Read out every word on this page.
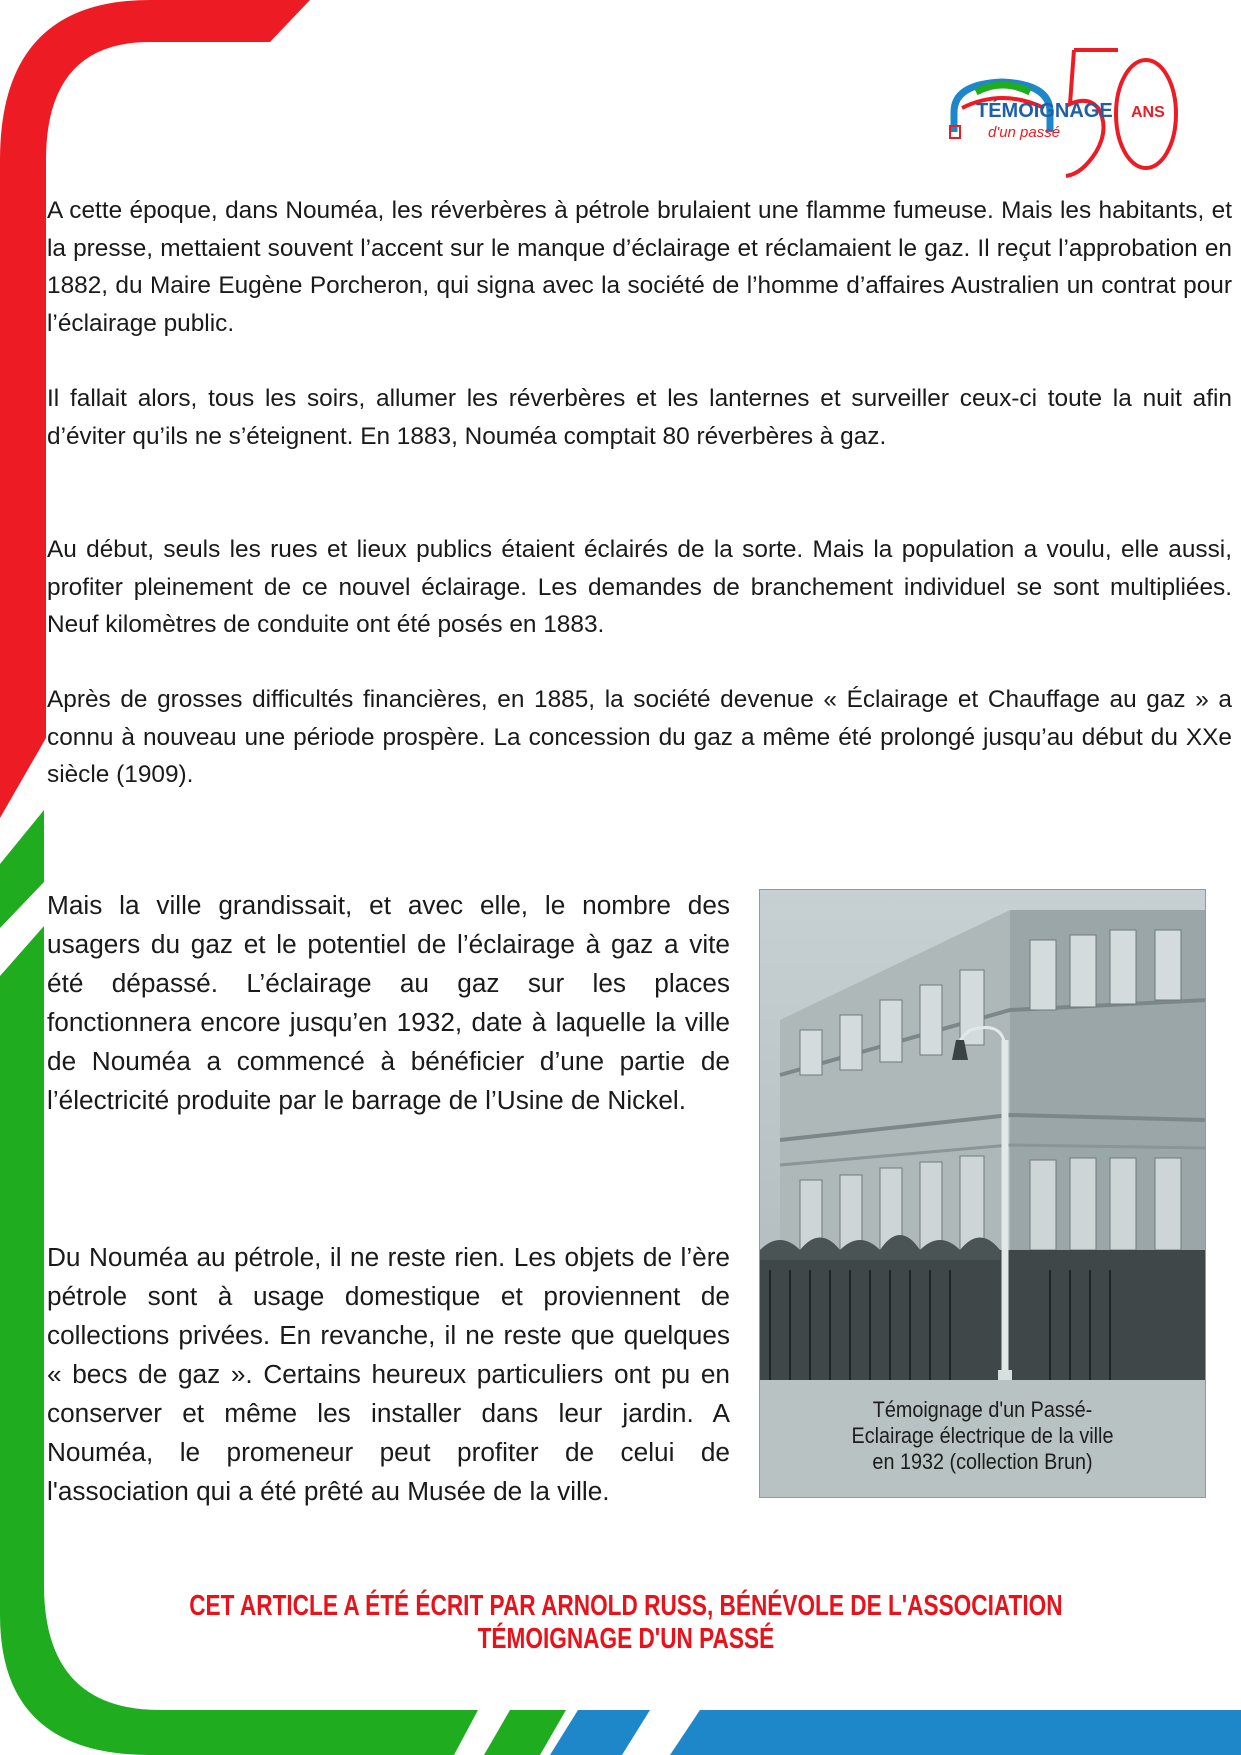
TÉMOIGNAGE
d'un passé
ANS

A cette époque, dans Nouméa, les réverbères à pétrole brulaient une flamme fumeuse. Mais les habitants, et la presse, mettaient souvent l’accent sur le manque d’éclairage et réclamaient le gaz. Il reçut l’approbation en 1882, du Maire Eugène Porcheron, qui signa avec la société de l’homme d’affaires Australien un contrat pour l’éclairage public.

Il fallait alors, tous les soirs, allumer les réverbères et les lanternes et surveiller ceux-ci toute la nuit afin d’éviter qu’ils ne s’éteignent. En 1883, Nouméa comptait 80 réverbères à gaz.

Au début, seuls les rues et lieux publics étaient éclairés de la sorte. Mais la population a voulu, elle aussi, profiter pleinement de ce nouvel éclairage. Les demandes de branchement individuel se sont multipliées. Neuf kilomètres de conduite ont été posés en 1883.

Après de grosses difficultés financières, en 1885, la société devenue « Éclairage et Chauffage au gaz » a connu à nouveau une période prospère. La concession du gaz a même été prolongé jusqu’au début du XXe siècle (1909).

Mais la ville grandissait, et avec elle, le nombre des usagers du gaz et le potentiel de l’éclairage à gaz a vite été dépassé. L’éclairage au gaz sur les places fonctionnera encore jusqu’en 1932, date à laquelle la ville de Nouméa a commencé à bénéficier d’une partie de l’électricité produite par le barrage de l’Usine de Nickel.

Du Nouméa au pétrole, il ne reste rien. Les objets de l’ère pétrole sont à usage domestique et proviennent de collections privées. En revanche, il ne reste que quelques « becs de gaz ». Certains heureux particuliers ont pu en conserver et même les installer dans leur jardin. A Nouméa, le promeneur peut profiter de celui de l'association qui a été prêté au Musée de la ville.

Témoignage d'un Passé-
Eclairage électrique de la ville
en 1932 (collection Brun)
CET ARTICLE A ÉTÉ ÉCRIT PAR ARNOLD RUSS, BÉNÉVOLE DE L'ASSOCIATION TÉMOIGNAGE D'UN PASSÉ
